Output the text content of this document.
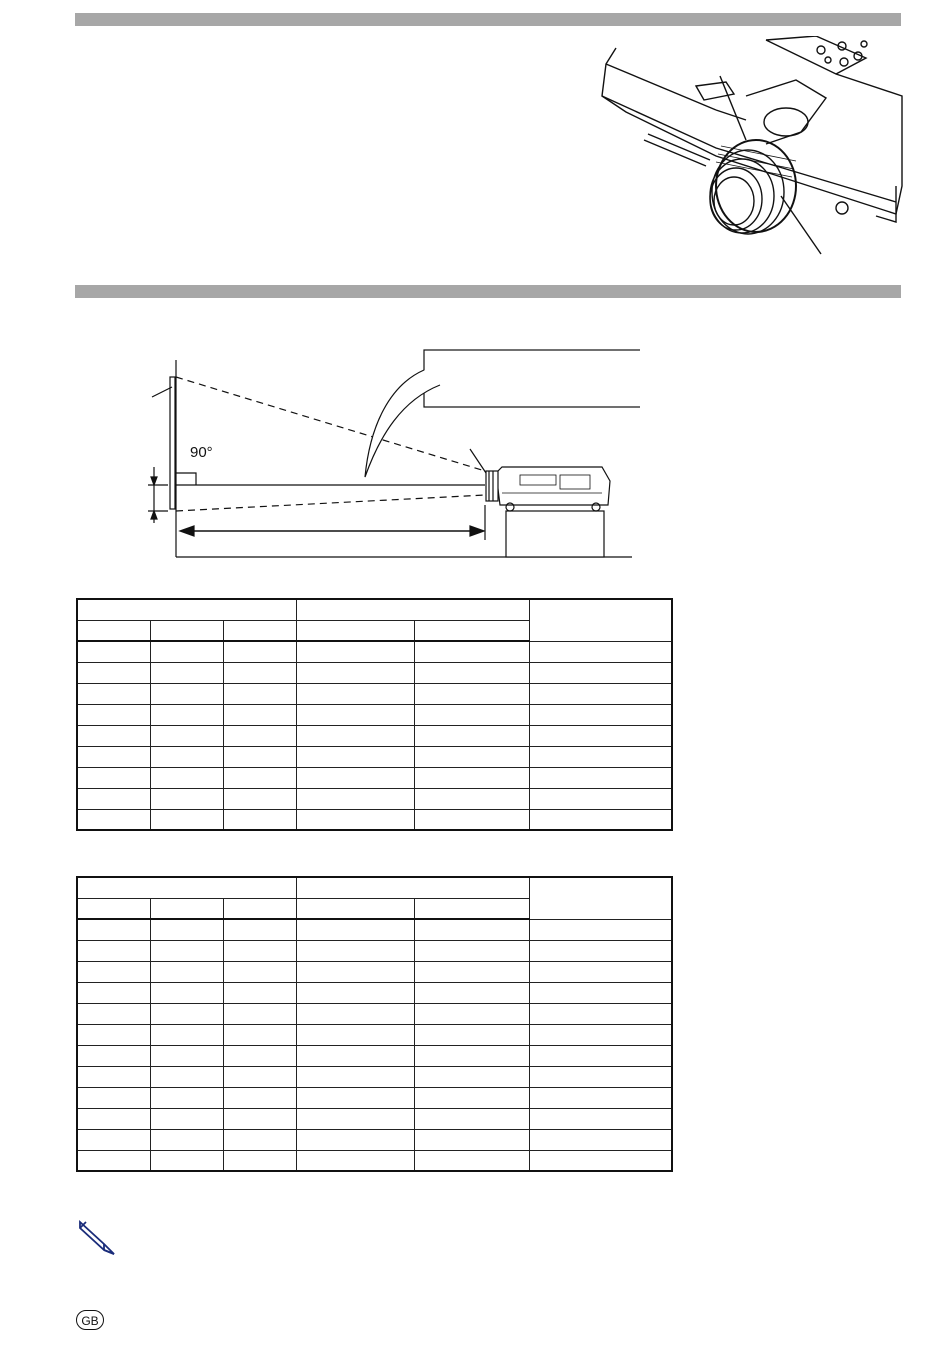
90°

GB
